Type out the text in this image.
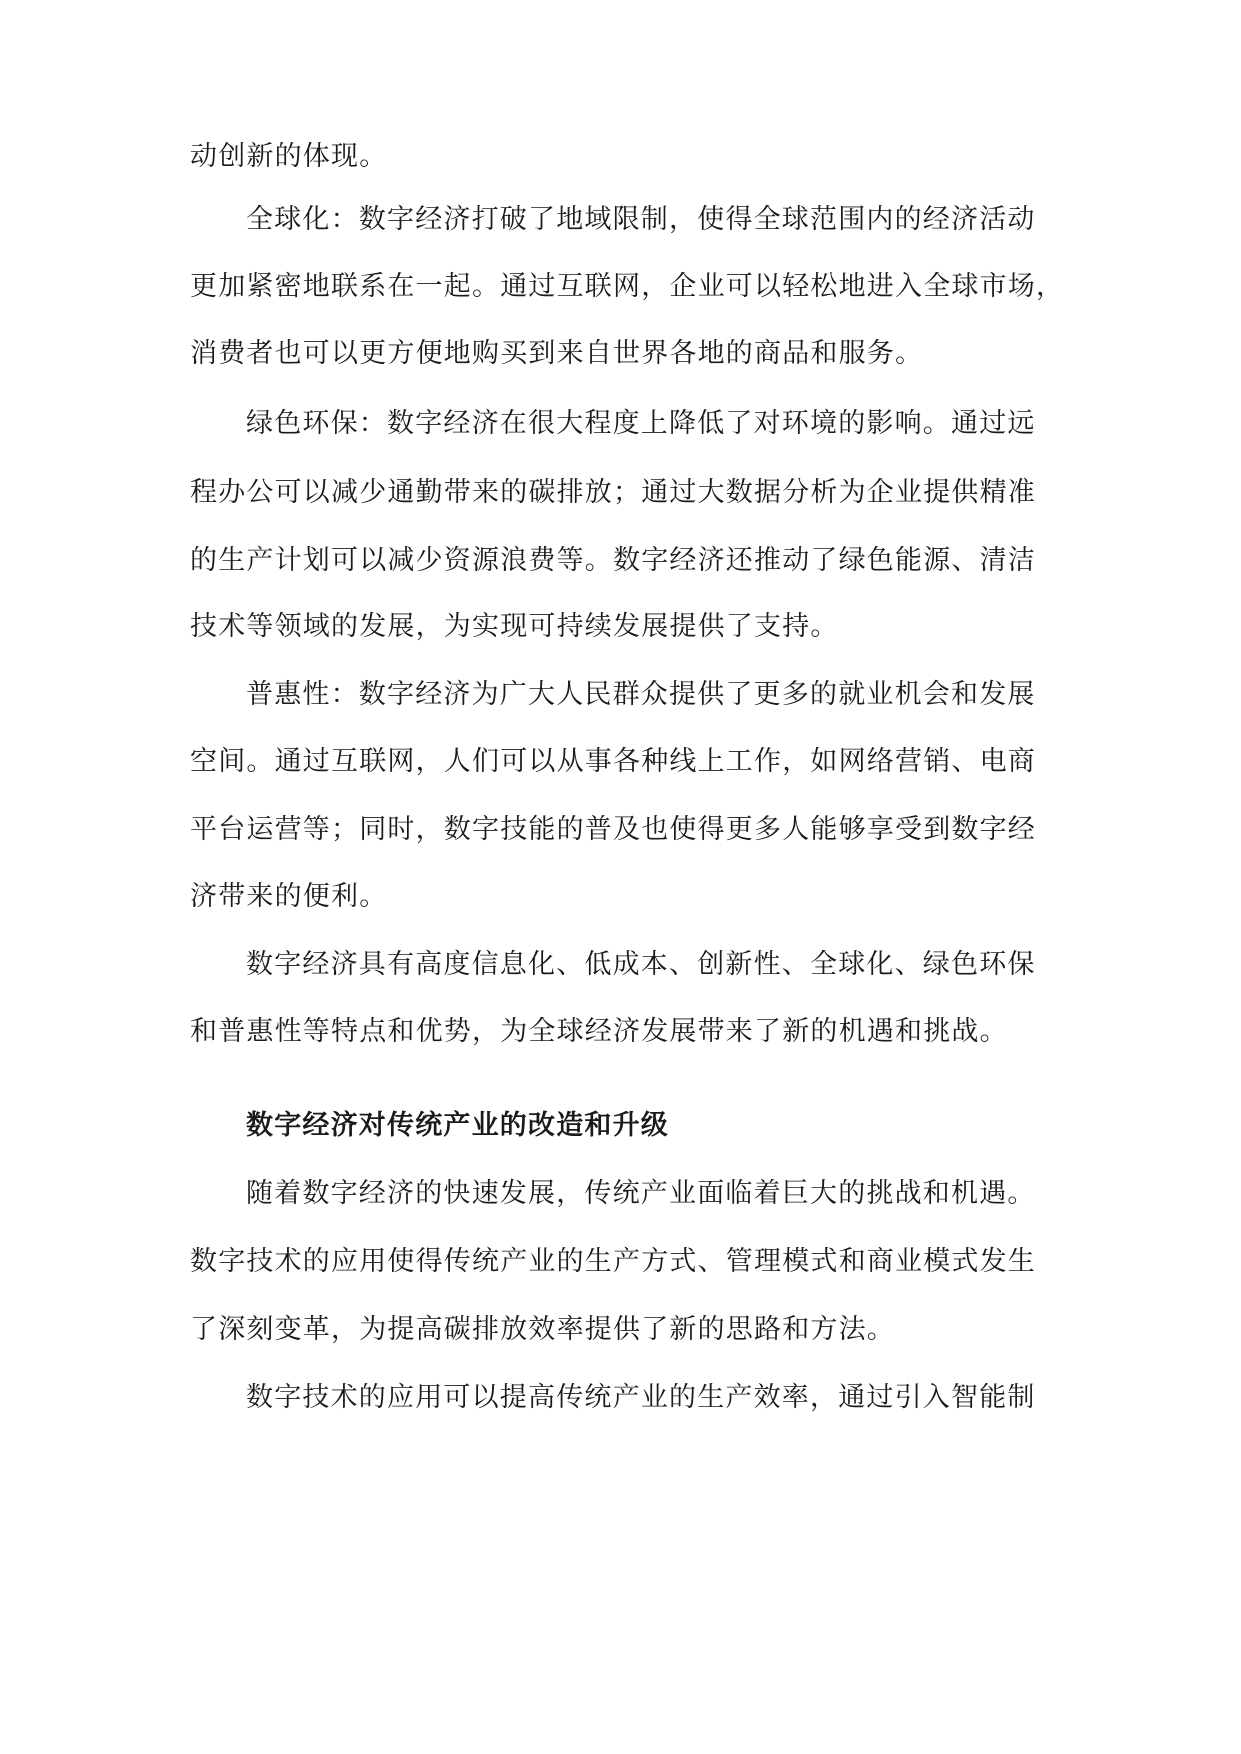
动创新的体现。
全球化：数字经济打破了地域限制，使得全球范围内的经济活动
更加紧密地联系在一起。通过互联网，企业可以轻松地进入全球市场，
消费者也可以更方便地购买到来自世界各地的商品和服务。
绿色环保：数字经济在很大程度上降低了对环境的影响。通过远
程办公可以减少通勤带来的碳排放；通过大数据分析为企业提供精准
的生产计划可以减少资源浪费等。数字经济还推动了绿色能源、清洁
技术等领域的发展，为实现可持续发展提供了支持。
普惠性：数字经济为广大人民群众提供了更多的就业机会和发展
空间。通过互联网，人们可以从事各种线上工作，如网络营销、电商
平台运营等；同时，数字技能的普及也使得更多人能够享受到数字经
济带来的便利。
数字经济具有高度信息化、低成本、创新性、全球化、绿色环保
和普惠性等特点和优势，为全球经济发展带来了新的机遇和挑战。
数字经济对传统产业的改造和升级
随着数字经济的快速发展，传统产业面临着巨大的挑战和机遇。
数字技术的应用使得传统产业的生产方式、管理模式和商业模式发生
了深刻变革，为提高碳排放效率提供了新的思路和方法。
数字技术的应用可以提高传统产业的生产效率，通过引入智能制
